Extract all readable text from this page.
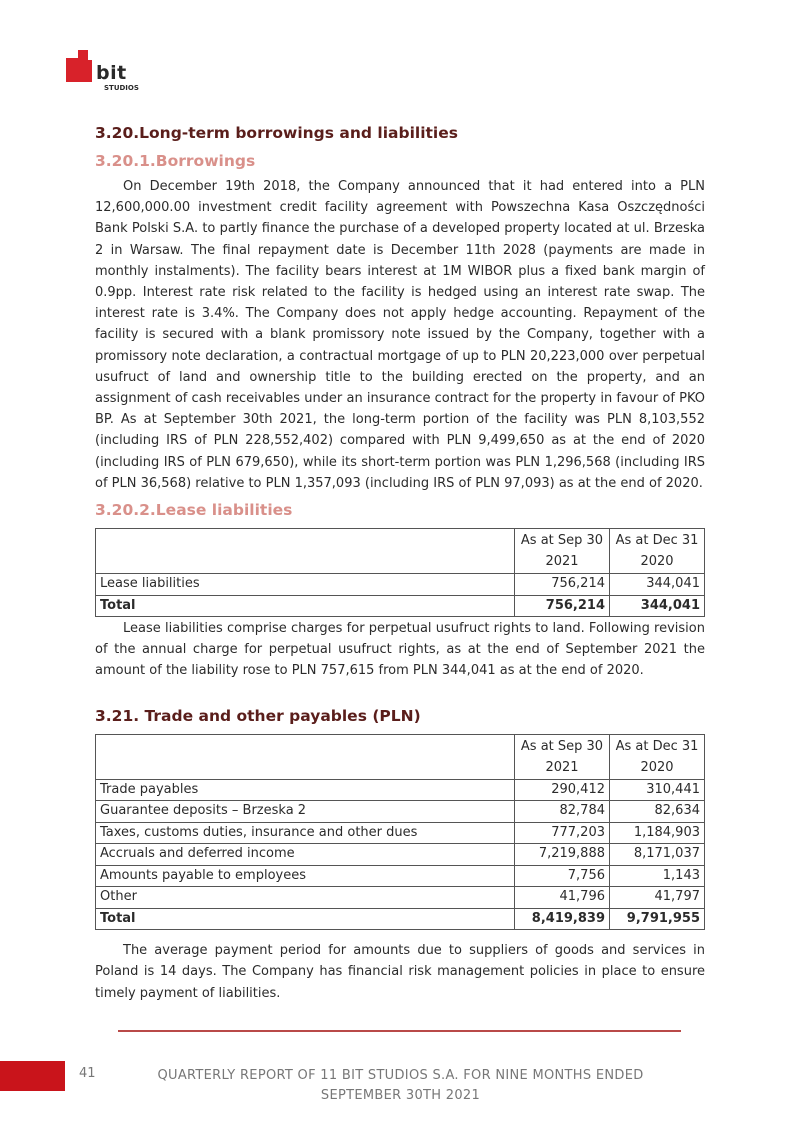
bit
STUDIOS
3.20.Long-term borrowings and liabilities
3.20.1.Borrowings

On December 19th 2018, the Company announced that it had entered into a PLN 12,600,000.00 investment credit facility agreement with Powszechna Kasa Oszczędności Bank Polski S.A. to partly finance the purchase of a developed property located at ul. Brzeska 2 in Warsaw. The final repayment date is December 11th 2028 (payments are made in monthly instalments). The facility bears interest at 1M WIBOR plus a fixed bank margin of 0.9pp. Interest rate risk related to the facility is hedged using an interest rate swap. The interest rate is 3.4%. The Company does not apply hedge accounting. Repayment of the facility is secured with a blank promissory note issued by the Company, together with a promissory note declaration, a contractual mortgage of up to PLN 20,223,000 over perpetual usufruct of land and ownership title to the building erected on the property, and an assignment of cash receivables under an insurance contract for the property in favour of PKO BP. As at September 30th 2021, the long-term portion of the facility was PLN 8,103,552 (including IRS of PLN 228,552,402) compared with PLN 9,499,650 as at the end of 2020 (including IRS of PLN 679,650), while its short-term portion was PLN 1,296,568 (including IRS of PLN 36,568) relative to PLN 1,357,093 (including IRS of PLN 97,093) as at the end of 2020.

3.20.2.Lease liabilities
	As at Sep 30 2021	As at Dec 31 2020
Lease liabilities	756,214	344,041
Total	756,214	344,041

Lease liabilities comprise charges for perpetual usufruct rights to land. Following revision of the annual charge for perpetual usufruct rights, as at the end of September 2021 the amount of the liability rose to PLN 757,615 from PLN 344,041 as at the end of 2020.

3.21. Trade and other payables (PLN)
	As at Sep 30 2021	As at Dec 31 2020
Trade payables	290,412	310,441
Guarantee deposits – Brzeska 2	82,784	82,634
Taxes, customs duties, insurance and other dues	777,203	1,184,903
Accruals and deferred income	7,219,888	8,171,037
Amounts payable to employees	7,756	1,143
Other	41,796	41,797
Total	8,419,839	9,791,955

The average payment period for amounts due to suppliers of goods and services in Poland is 14 days. The Company has financial risk management policies in place to ensure timely payment of liabilities.

41	QUARTERLY REPORT OF 11 BIT STUDIOS S.A. FOR NINE MONTHS ENDED SEPTEMBER 30TH 2021
